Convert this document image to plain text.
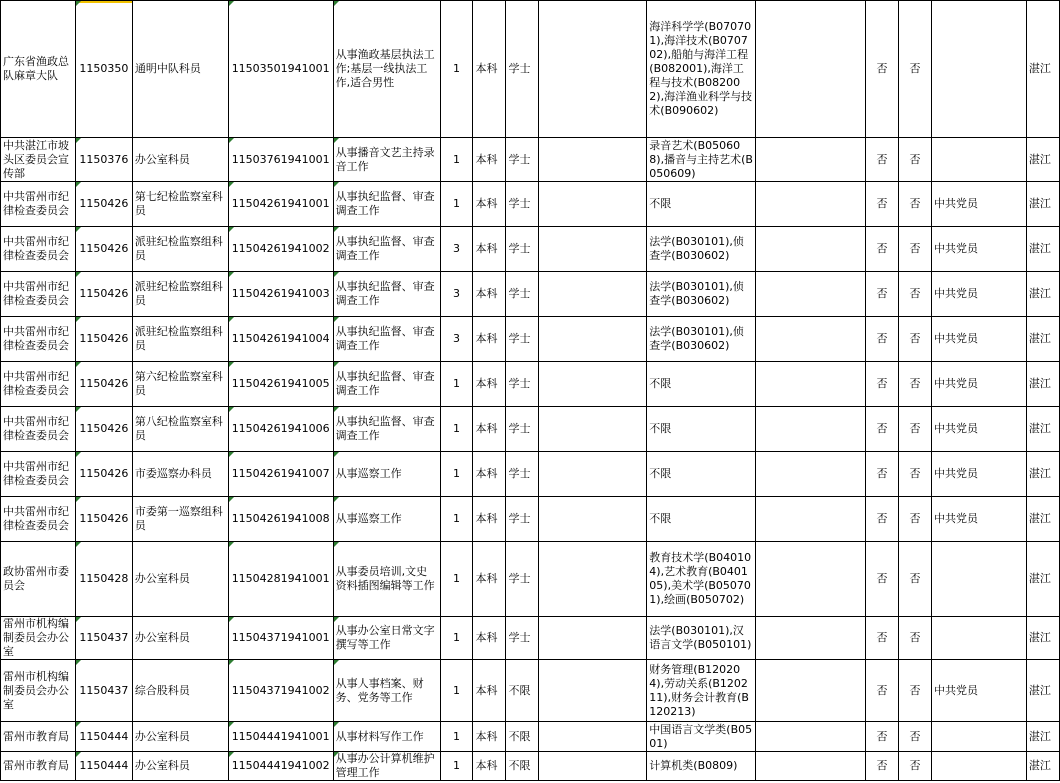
广东省渔政总队麻章大队	1150350	通明中队科员	11503501941001	从事渔政基层执法工作;基层一线执法工作,适合男性	1	本科	学士		海洋科学学(B070701),海洋技术(B070702),船舶与海洋工程(B082001),海洋工程与技术(B082002),海洋渔业科学与技术(B090602)		否	否		湛江
中共湛江市坡头区委员会宣传部	1150376	办公室科员	11503761941001	从事播音文艺主持录音工作	1	本科	学士		录音艺术(B050608),播音与主持艺术(B050609)		否	否		湛江
中共雷州市纪律检查委员会	1150426	第七纪检监察室科员	11504261941001	从事执纪监督、审查调查工作	1	本科	学士		不限		否	否	中共党员	湛江
中共雷州市纪律检查委员会	1150426	派驻纪检监察组科员	11504261941002	从事执纪监督、审查调查工作	3	本科	学士		法学(B030101),侦查学(B030602)		否	否	中共党员	湛江
中共雷州市纪律检查委员会	1150426	派驻纪检监察组科员	11504261941003	从事执纪监督、审查调查工作	3	本科	学士		法学(B030101),侦查学(B030602)		否	否	中共党员	湛江
中共雷州市纪律检查委员会	1150426	派驻纪检监察组科员	11504261941004	从事执纪监督、审查调查工作	3	本科	学士		法学(B030101),侦查学(B030602)		否	否	中共党员	湛江
中共雷州市纪律检查委员会	1150426	第六纪检监察室科员	11504261941005	从事执纪监督、审查调查工作	1	本科	学士		不限		否	否	中共党员	湛江
中共雷州市纪律检查委员会	1150426	第八纪检监察室科员	11504261941006	从事执纪监督、审查调查工作	1	本科	学士		不限		否	否	中共党员	湛江
中共雷州市纪律检查委员会	1150426	市委巡察办科员	11504261941007	从事巡察工作	1	本科	学士		不限		否	否	中共党员	湛江
中共雷州市纪律检查委员会	1150426	市委第一巡察组科员	11504261941008	从事巡察工作	1	本科	学士		不限		否	否	中共党员	湛江
政协雷州市委员会	1150428	办公室科员	11504281941001	从事委员培训,文史资料插图编辑等工作	1	本科	学士		教育技术学(B040104),艺术教育(B040105),美术学(B050701),绘画(B050702)		否	否		湛江
雷州市机构编制委员会办公室	1150437	办公室科员	11504371941001	从事办公室日常文字撰写等工作	1	本科	学士		法学(B030101),汉语言文学(B050101)		否	否		湛江
雷州市机构编制委员会办公室	1150437	综合股科员	11504371941002	从事人事档案、财务、党务等工作	1	本科	不限		财务管理(B120204),劳动关系(B120211),财务会计教育(B120213)		否	否	中共党员	湛江
雷州市教育局	1150444	办公室科员	11504441941001	从事材料写作工作	1	本科	不限		中国语言文学类(B0501)		否	否		湛江
雷州市教育局	1150444	办公室科员	11504441941002	从事办公计算机维护管理工作	1	本科	不限		计算机类(B0809)		否	否		湛江
